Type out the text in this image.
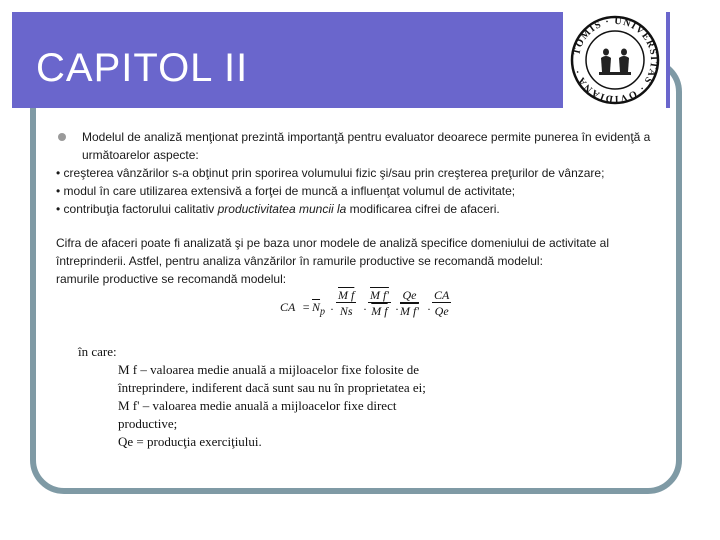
CAPITOL II	TOMIS · UNIVERSITAS · OVIDIANA ·
Modelul de analiză menţionat prezintă importanţă pentru evaluator deoarece permite punerea în evidenţă a
următoarelor aspecte:
• creşterea vânzărilor s-a obţinut prin sporirea volumului fizic şi/sau prin creşterea preţurilor de vânzare;
• modul în care utilizarea extensivă a forţei de muncă a influenţat volumul de activitate;
• contribuţia factorului calitativ productivitatea muncii la modificarea cifrei de afaceri.
Cifra de afaceri poate fi analizată şi pe baza unor modele de analiză specifice domeniului de activitate al
întreprinderii. Astfel, pentru analiza vânzărilor în ramurile productive se recomandă modelul:
ramurile productive se recomandă modelul:
CA = $\overline{N}_p \cdot \frac{\text{M f}}{Ns} \cdot \frac{\text{M f'}}{\text{M f}} \cdot \frac{Qe}{\text{M f'}} \cdot \frac{CA}{Qe}$
în care:
M f – valoarea medie anuală a mijloacelor fixe folosite de
întreprindere, indiferent dacă sunt sau nu în proprietatea ei;
M f' – valoarea medie anuală a mijloacelor fixe direct productive;
Qe = producţia exerciţiului.
